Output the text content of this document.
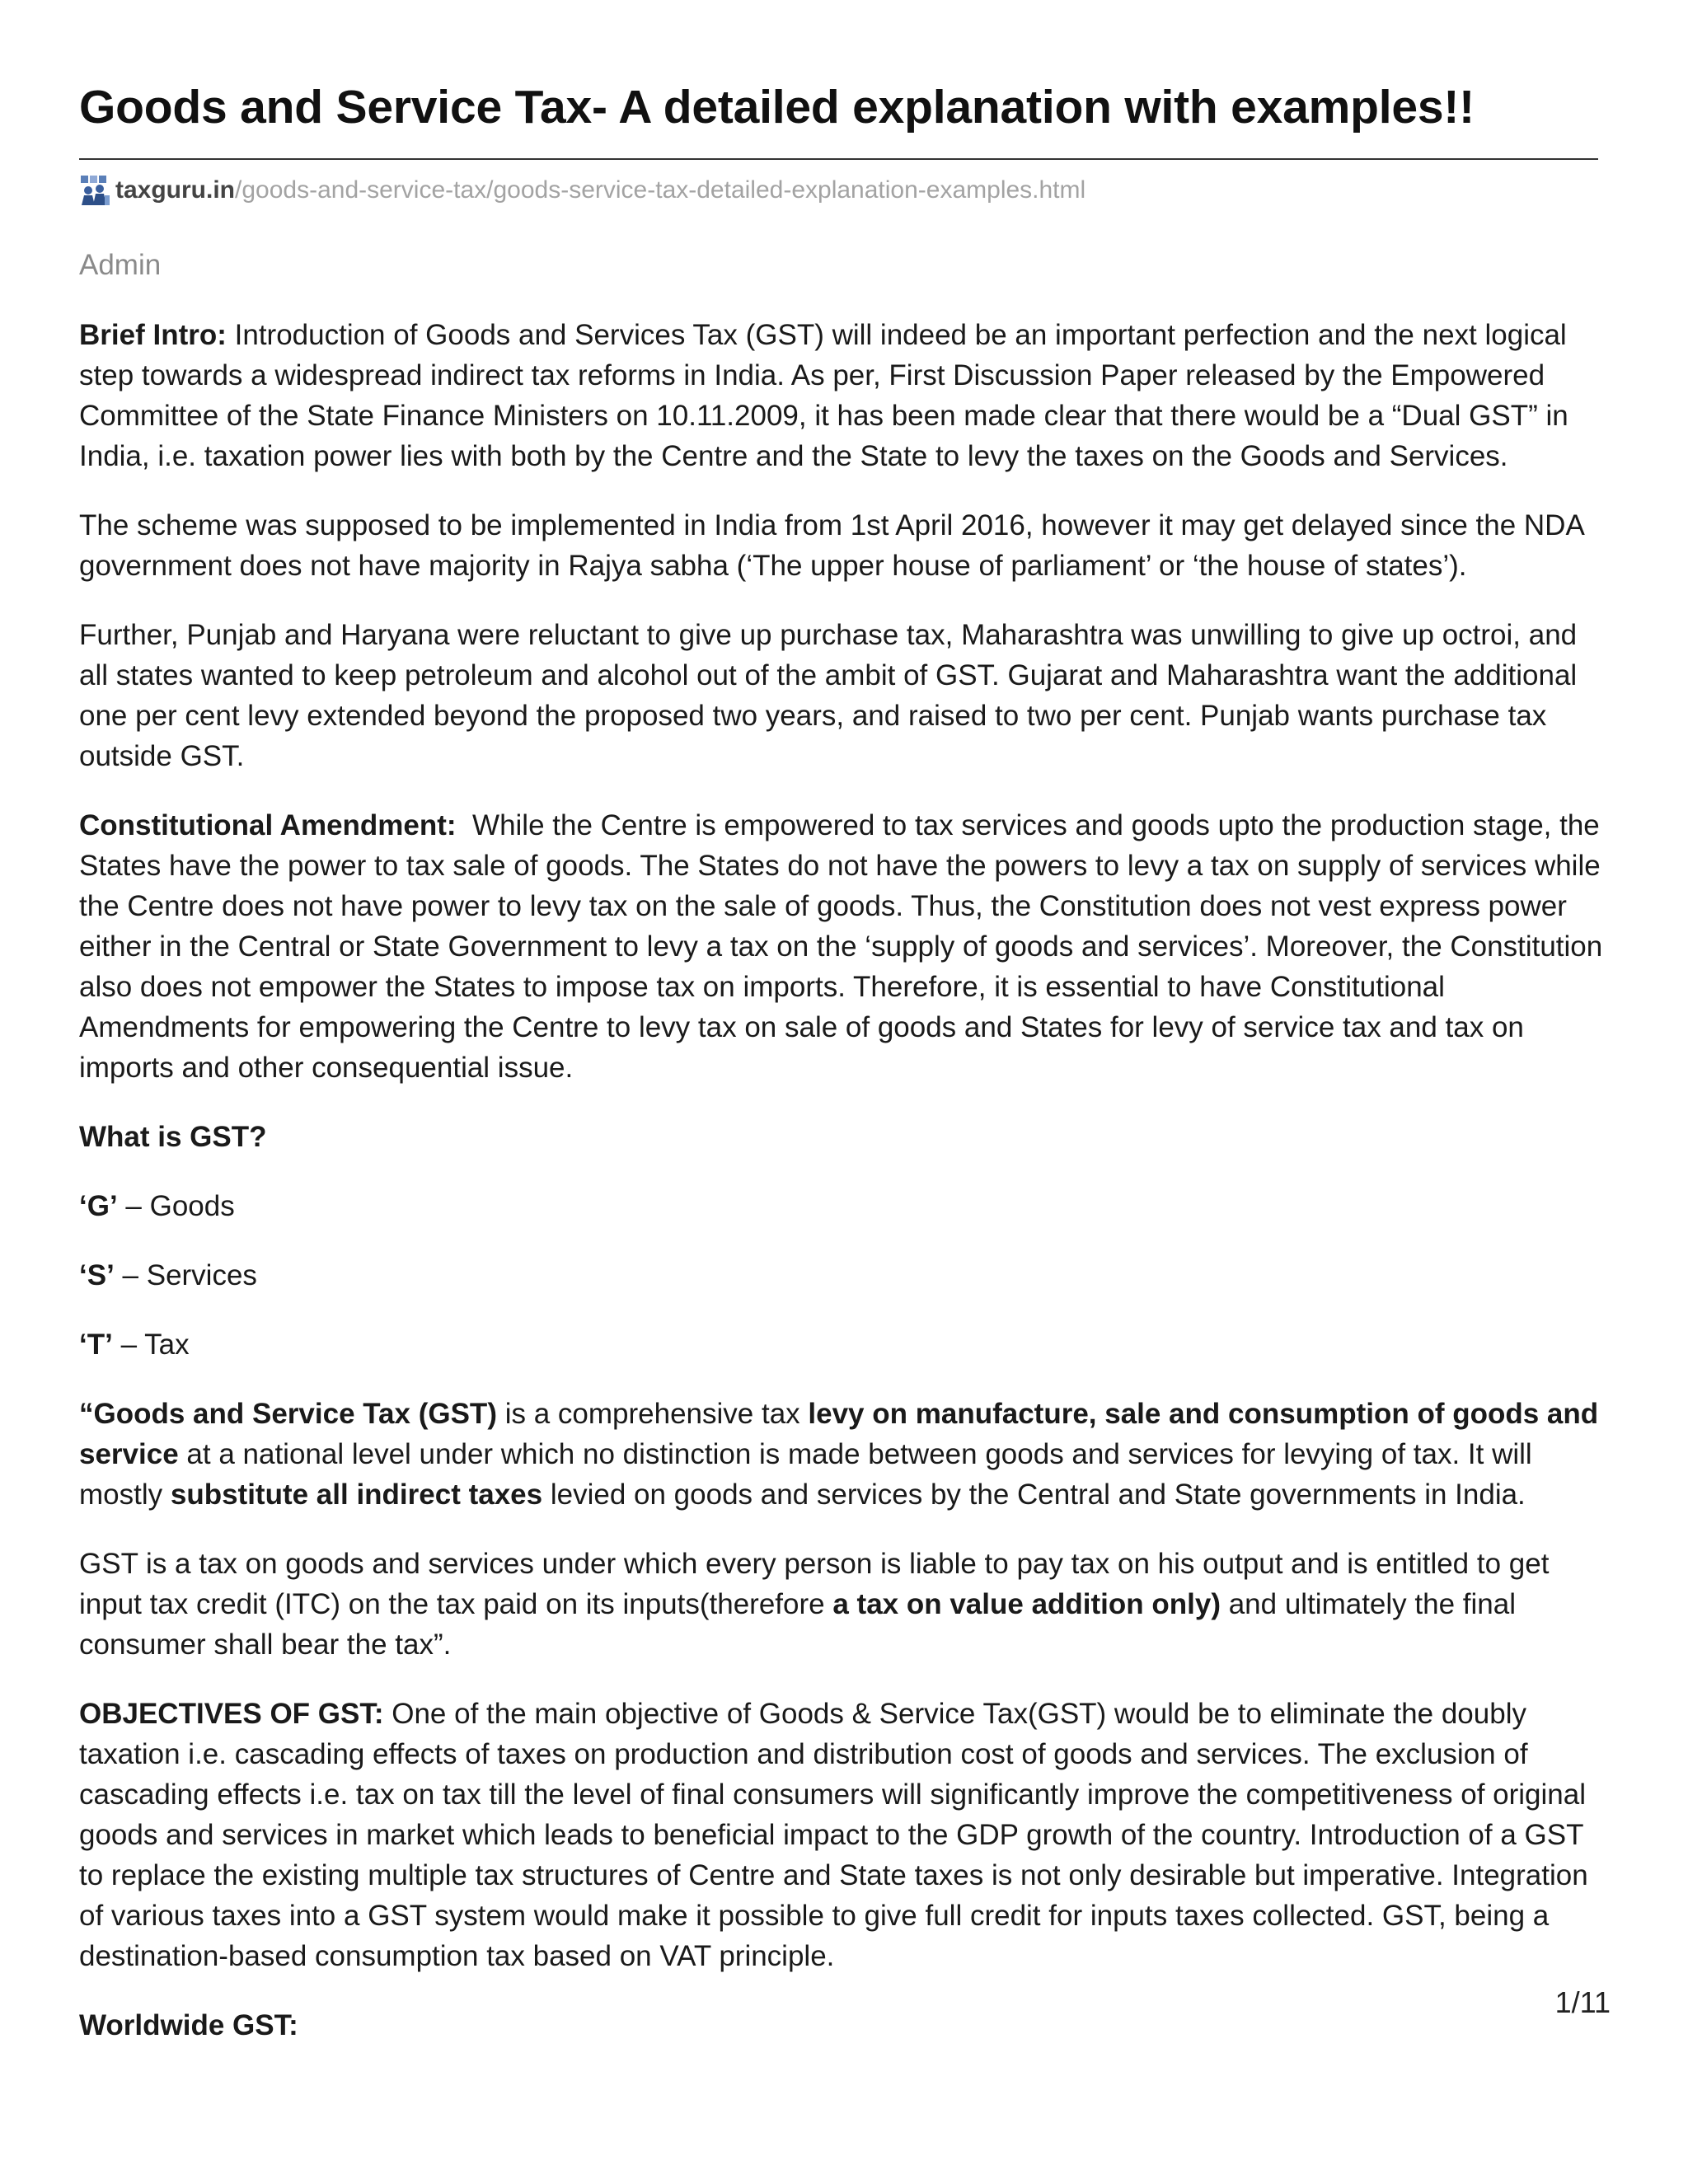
Goods and Service Tax- A detailed explanation with examples!!
taxguru.in /goods-and-service-tax/goods-service-tax-detailed-explanation-examples.html
Admin

Brief Intro: Introduction of Goods and Services Tax (GST) will indeed be an important perfection and the next logical step towards a widespread indirect tax reforms in India. As per, First Discussion Paper released by the Empowered Committee of the State Finance Ministers on 10.11.2009, it has been made clear that there would be a “Dual GST” in India, i.e. taxation power lies with both by the Centre and the State to levy the taxes on the Goods and Services.

The scheme was supposed to be implemented in India from 1st April 2016, however it may get delayed since the NDA government does not have majority in Rajya sabha (‘The upper house of parliament’ or ‘the house of states’).

Further, Punjab and Haryana were reluctant to give up purchase tax, Maharashtra was unwilling to give up octroi, and all states wanted to keep petroleum and alcohol out of the ambit of GST. Gujarat and Maharashtra want the additional one per cent levy extended beyond the proposed two years, and raised to two per cent. Punjab wants purchase tax outside GST.

Constitutional Amendment: While the Centre is empowered to tax services and goods upto the production stage, the States have the power to tax sale of goods. The States do not have the powers to levy a tax on supply of services while the Centre does not have power to levy tax on the sale of goods. Thus, the Constitution does not vest express power either in the Central or State Government to levy a tax on the ‘supply of goods and services’. Moreover, the Constitution also does not empower the States to impose tax on imports. Therefore, it is essential to have Constitutional Amendments for empowering the Centre to levy tax on sale of goods and States for levy of service tax and tax on imports and other consequential issue.

What is GST?

‘G’ – Goods

‘S’ – Services

‘T’ – Tax

“Goods and Service Tax (GST) is a comprehensive tax levy on manufacture, sale and consumption of goods and service at a national level under which no distinction is made between goods and services for levying of tax. It will mostly substitute all indirect taxes levied on goods and services by the Central and State governments in India.

GST is a tax on goods and services under which every person is liable to pay tax on his output and is entitled to get input tax credit (ITC) on the tax paid on its inputs(therefore a tax on value addition only) and ultimately the final consumer shall bear the tax”.

OBJECTIVES OF GST: One of the main objective of Goods & Service Tax(GST) would be to eliminate the doubly taxation i.e. cascading effects of taxes on production and distribution cost of goods and services. The exclusion of cascading effects i.e. tax on tax till the level of final consumers will significantly improve the competitiveness of original goods and services in market which leads to beneficial impact to the GDP growth of the country. Introduction of a GST to replace the existing multiple tax structures of Centre and State taxes is not only desirable but imperative. Integration of various taxes into a GST system would make it possible to give full credit for inputs taxes collected. GST, being a destination-based consumption tax based on VAT principle.

Worldwide GST:

1/11
